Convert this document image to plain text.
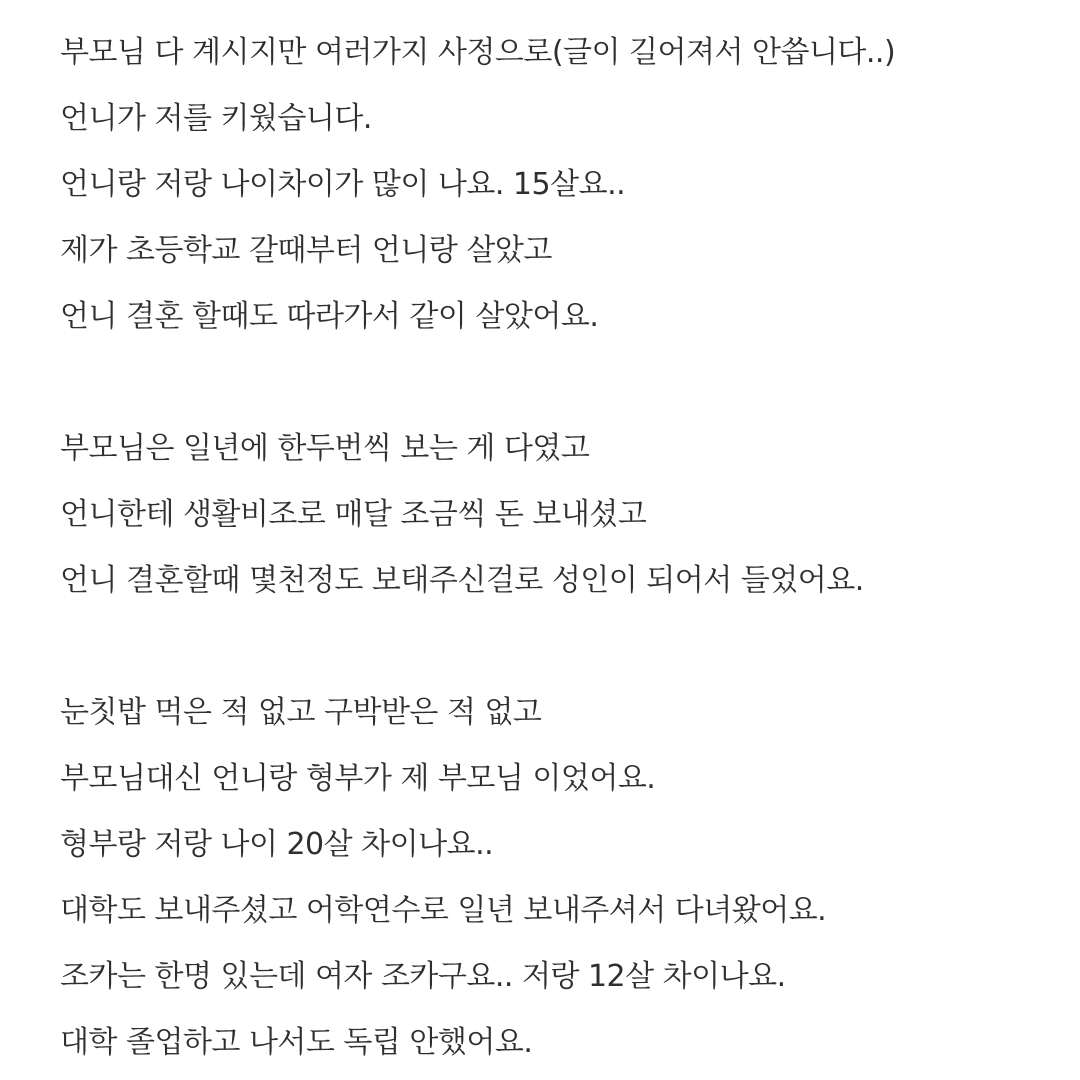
부모님 다 계시지만 여러가지 사정으로(글이 길어져서 안씁니다..)
언니가 저를 키웠습니다.
언니랑 저랑 나이차이가 많이 나요. 15살요..
제가 초등학교 갈때부터 언니랑 살았고
언니 결혼 할때도 따라가서 같이 살았어요.
부모님은 일년에 한두번씩 보는 게 다였고
언니한테 생활비조로 매달 조금씩 돈 보내셨고
언니 결혼할때 몇천정도 보태주신걸로 성인이 되어서 들었어요.
눈칫밥 먹은 적 없고 구박받은 적 없고
부모님대신 언니랑 형부가 제 부모님 이었어요.
형부랑 저랑 나이 20살 차이나요..
대학도 보내주셨고 어학연수로 일년 보내주셔서 다녀왔어요.
조카는 한명 있는데 여자 조카구요.. 저랑 12살 차이나요.
대학 졸업하고 나서도 독립 안했어요.
